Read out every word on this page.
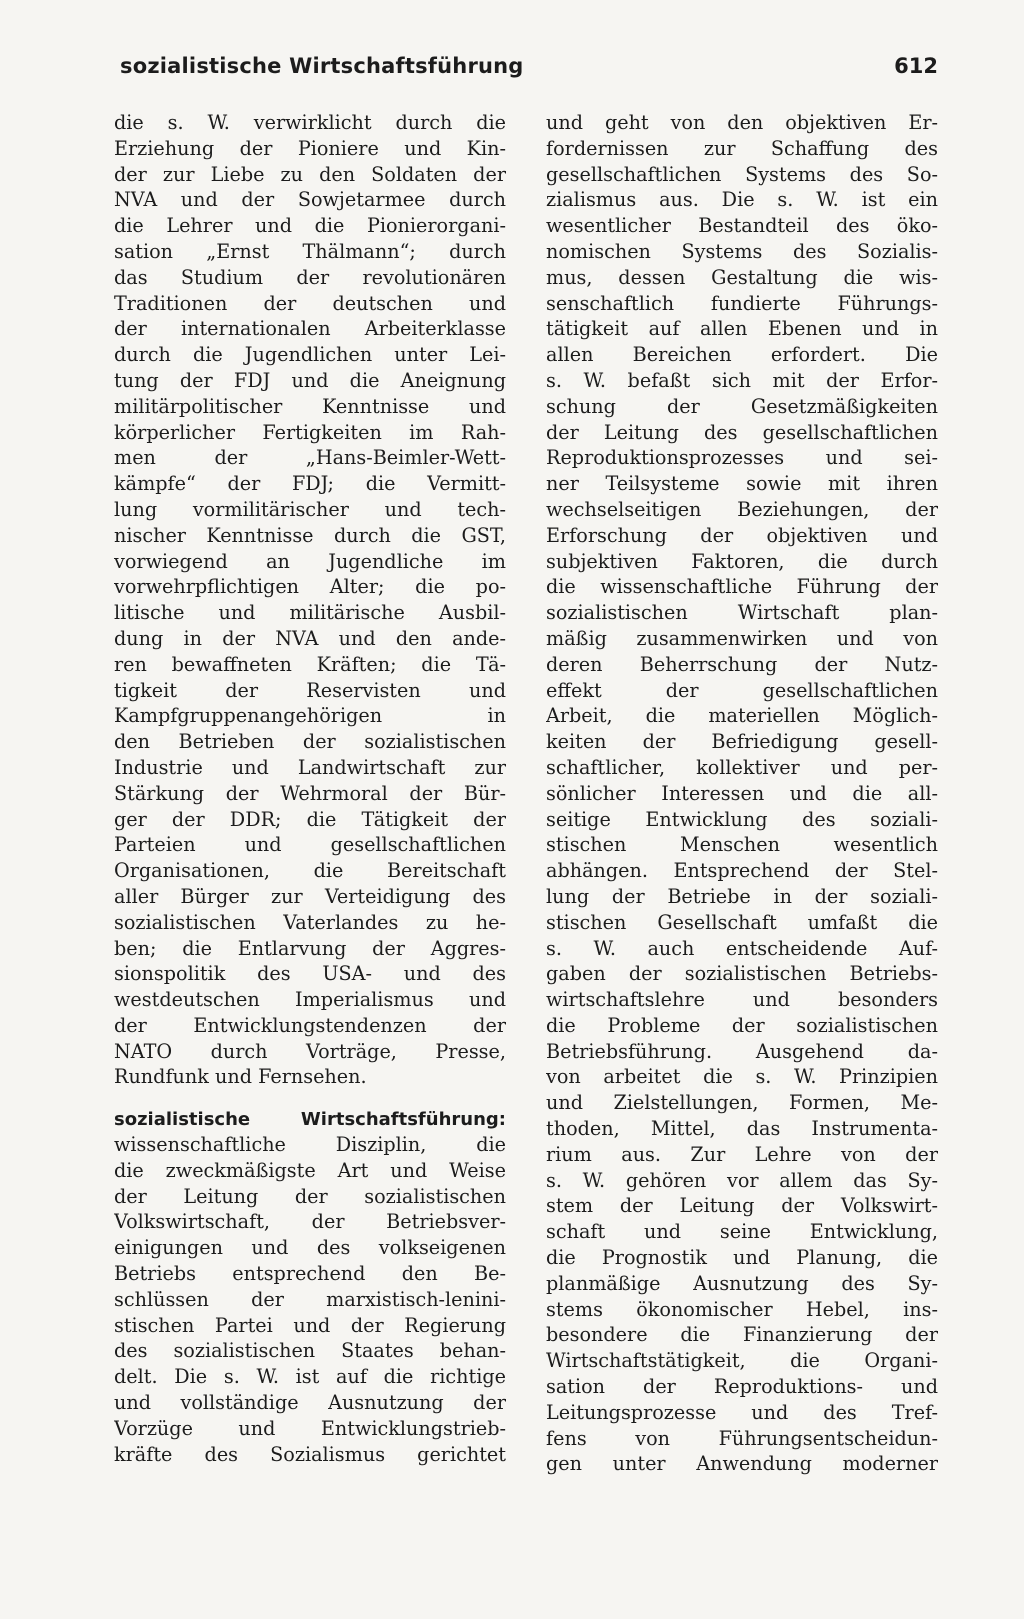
sozialistische Wirtschaftsführung	612
die s. W. verwirklicht durch die
Erziehung der Pioniere und Kin-
der zur Liebe zu den Soldaten der
NVA und der Sowjetarmee durch
die Lehrer und die Pionierorgani-
sation „Ernst Thälmann“; durch
das Studium der revolutionären
Traditionen der deutschen und
der internationalen Arbeiterklasse
durch die Jugendlichen unter Lei-
tung der FDJ und die Aneignung
militärpolitischer Kenntnisse und
körperlicher Fertigkeiten im Rah-
men der „Hans-Beimler-Wett-
kämpfe“ der FDJ; die Vermitt-
lung vormilitärischer und tech-
nischer Kenntnisse durch die GST,
vorwiegend an Jugendliche im
vorwehrpflichtigen Alter; die po-
litische und militärische Ausbil-
dung in der NVA und den ande-
ren bewaffneten Kräften; die Tä-
tigkeit der Reservisten und
Kampfgruppenangehörigen in
den Betrieben der sozialistischen
Industrie und Landwirtschaft zur
Stärkung der Wehrmoral der Bür-
ger der DDR; die Tätigkeit der
Parteien und gesellschaftlichen
Organisationen, die Bereitschaft
aller Bürger zur Verteidigung des
sozialistischen Vaterlandes zu he-
ben; die Entlarvung der Aggres-
sionspolitik des USA- und des
westdeutschen Imperialismus und
der Entwicklungstendenzen der
NATO durch Vorträge, Presse,
Rundfunk und Fernsehen.
sozialistische Wirtschaftsführung:
wissenschaftliche Disziplin, die
die zweckmäßigste Art und Weise
der Leitung der sozialistischen
Volkswirtschaft, der Betriebsver-
einigungen und des volkseigenen
Betriebs entsprechend den Be-
schlüssen der marxistisch-lenini-
stischen Partei und der Regierung
des sozialistischen Staates behan-
delt. Die s. W. ist auf die richtige
und vollständige Ausnutzung der
Vorzüge und Entwicklungstrieb-
kräfte des Sozialismus gerichtet
und geht von den objektiven Er-
fordernissen zur Schaffung des
gesellschaftlichen Systems des So-
zialismus aus. Die s. W. ist ein
wesentlicher Bestandteil des öko-
nomischen Systems des Sozialis-
mus, dessen Gestaltung die wis-
senschaftlich fundierte Führungs-
tätigkeit auf allen Ebenen und in
allen Bereichen erfordert. Die
s. W. befaßt sich mit der Erfor-
schung der Gesetzmäßigkeiten
der Leitung des gesellschaftlichen
Reproduktionsprozesses und sei-
ner Teilsysteme sowie mit ihren
wechselseitigen Beziehungen, der
Erforschung der objektiven und
subjektiven Faktoren, die durch
die wissenschaftliche Führung der
sozialistischen Wirtschaft plan-
mäßig zusammenwirken und von
deren Beherrschung der Nutz-
effekt der gesellschaftlichen
Arbeit, die materiellen Möglich-
keiten der Befriedigung gesell-
schaftlicher, kollektiver und per-
sönlicher Interessen und die all-
seitige Entwicklung des soziali-
stischen Menschen wesentlich
abhängen. Entsprechend der Stel-
lung der Betriebe in der soziali-
stischen Gesellschaft umfaßt die
s. W. auch entscheidende Auf-
gaben der sozialistischen Betriebs-
wirtschaftslehre und besonders
die Probleme der sozialistischen
Betriebsführung. Ausgehend da-
von arbeitet die s. W. Prinzipien
und Zielstellungen, Formen, Me-
thoden, Mittel, das Instrumenta-
rium aus. Zur Lehre von der
s. W. gehören vor allem das Sy-
stem der Leitung der Volkswirt-
schaft und seine Entwicklung,
die Prognostik und Planung, die
planmäßige Ausnutzung des Sy-
stems ökonomischer Hebel, ins-
besondere die Finanzierung der
Wirtschaftstätigkeit, die Organi-
sation der Reproduktions- und
Leitungsprozesse und des Tref-
fens von Führungsentscheidun-
gen unter Anwendung moderner
